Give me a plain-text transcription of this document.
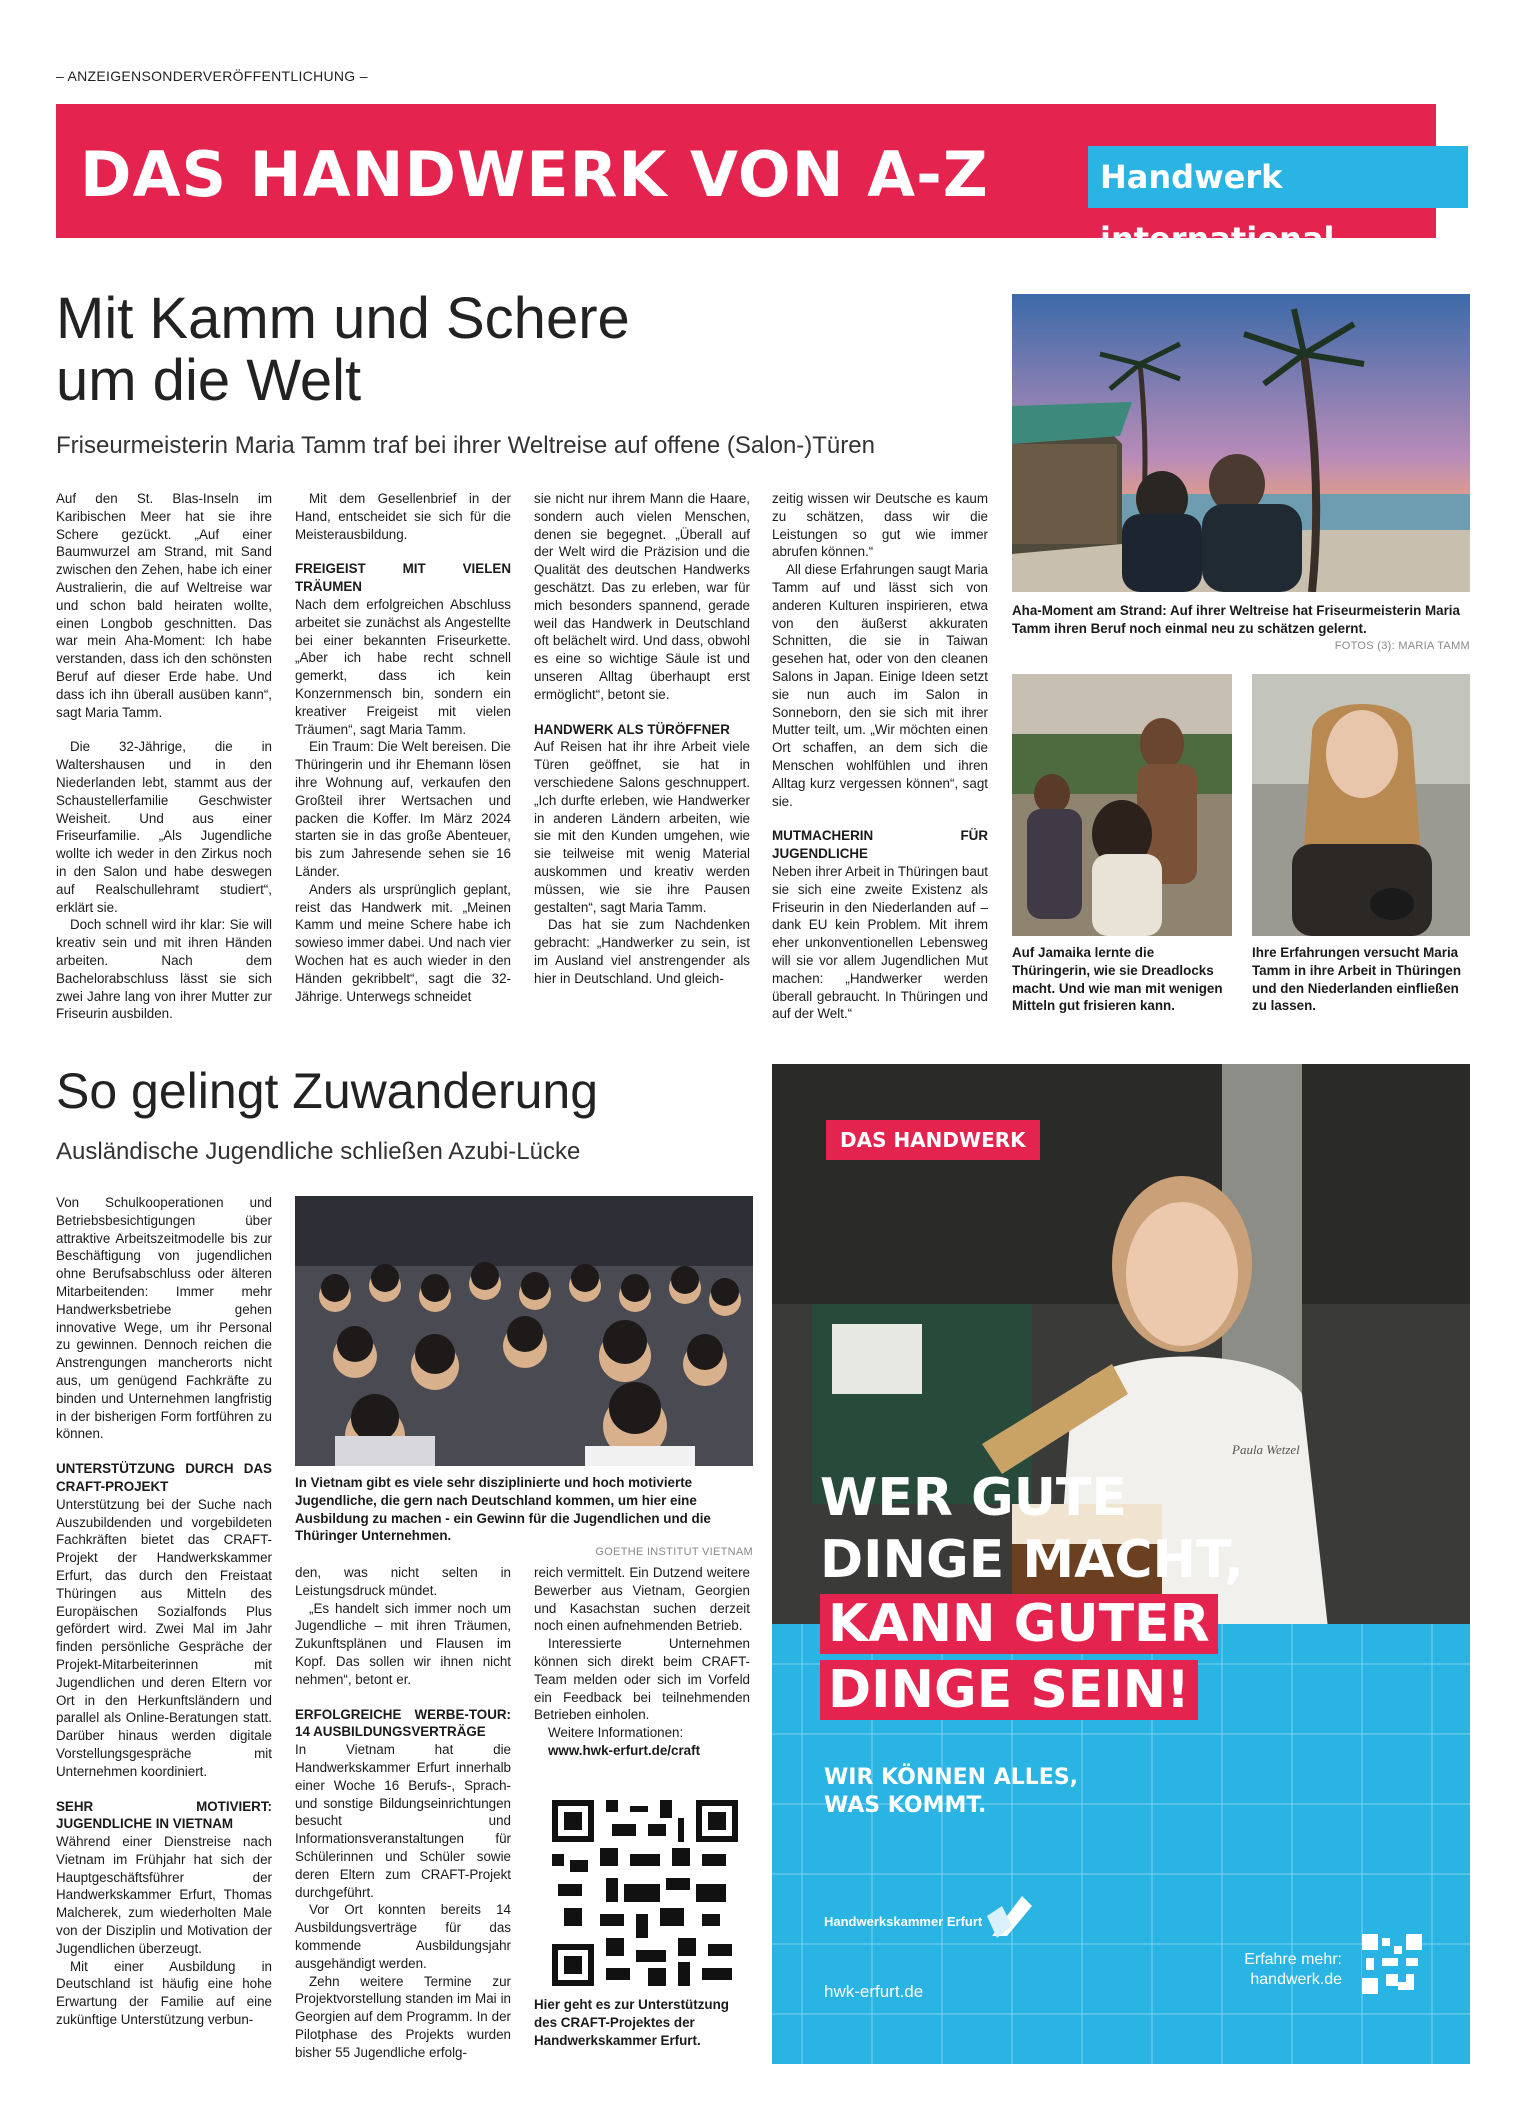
– ANZEIGENSONDERVERÖFFENTLICHUNG –
DAS HANDWERK VON A-Z	Handwerk international
Mit Kamm und Schere
um die Welt
Friseurmeisterin Maria Tamm traf bei ihrer Weltreise auf offene (Salon-)Türen

Auf den St. Blas-Inseln im Karibischen Meer hat sie ihre Schere gezückt. „Auf einer Baumwurzel am Strand, mit Sand zwischen den Zehen, habe ich einer Australierin, die auf Weltreise war und schon bald heiraten wollte, einen Longbob geschnitten. Das war mein Aha-Moment: Ich habe verstanden, dass ich den schönsten Beruf auf dieser Erde habe. Und dass ich ihn überall ausüben kann“, sagt Maria Tamm.

Die 32-Jährige, die in Waltershausen und in den Niederlanden lebt, stammt aus der Schaustellerfamilie Geschwister Weisheit. Und aus einer Friseurfamilie. „Als Jugendliche wollte ich weder in den Zirkus noch in den Salon und habe deswegen auf Realschullehramt studiert“, erklärt sie.

Doch schnell wird ihr klar: Sie will kreativ sein und mit ihren Händen arbeiten. Nach dem Bachelorabschluss lässt sie sich zwei Jahre lang von ihrer Mutter zur Friseurin ausbilden.

Mit dem Gesellenbrief in der Hand, entscheidet sie sich für die Meisterausbildung.

FREIGEIST MIT VIELEN TRÄUMEN

Nach dem erfolgreichen Abschluss arbeitet sie zunächst als Angestellte bei einer bekannten Friseurkette. „Aber ich habe recht schnell gemerkt, dass ich kein Konzernmensch bin, sondern ein kreativer Freigeist mit vielen Träumen“, sagt Maria Tamm.

Ein Traum: Die Welt bereisen. Die Thüringerin und ihr Ehemann lösen ihre Wohnung auf, verkaufen den Großteil ihrer Wertsachen und packen die Koffer. Im März 2024 starten sie in das große Abenteuer, bis zum Jahresende sehen sie 16 Länder.

Anders als ursprünglich geplant, reist das Handwerk mit. „Meinen Kamm und meine Schere habe ich sowieso immer dabei. Und nach vier Wochen hat es auch wieder in den Händen gekribbelt“, sagt die 32-Jährige. Unterwegs schneidet

sie nicht nur ihrem Mann die Haare, sondern auch vielen Menschen, denen sie begegnet. „Überall auf der Welt wird die Präzision und die Qualität des deutschen Handwerks geschätzt. Das zu erleben, war für mich besonders spannend, gerade weil das Handwerk in Deutschland oft belächelt wird. Und dass, obwohl es eine so wichtige Säule ist und unseren Alltag überhaupt erst ermöglicht“, betont sie.

HANDWERK ALS TÜRÖFFNER

Auf Reisen hat ihr ihre Arbeit viele Türen geöffnet, sie hat in verschiedene Salons geschnuppert. „Ich durfte erleben, wie Handwerker in anderen Ländern arbeiten, wie sie mit den Kunden umgehen, wie sie teilweise mit wenig Material auskommen und kreativ werden müssen, wie sie ihre Pausen gestalten“, sagt Maria Tamm.

Das hat sie zum Nachdenken gebracht: „Handwerker zu sein, ist im Ausland viel anstrengender als hier in Deutschland. Und gleich-

zeitig wissen wir Deutsche es kaum zu schätzen, dass wir die Leistungen so gut wie immer abrufen können.“

All diese Erfahrungen saugt Maria Tamm auf und lässt sich von anderen Kulturen inspirieren, etwa von den äußerst akkuraten Schnitten, die sie in Taiwan gesehen hat, oder von den cleanen Salons in Japan. Einige Ideen setzt sie nun auch im Salon in Sonneborn, den sie sich mit ihrer Mutter teilt, um. „Wir möchten einen Ort schaffen, an dem sich die Menschen wohlfühlen und ihren Alltag kurz vergessen können“, sagt sie.

MUTMACHERIN FÜR JUGENDLICHE

Neben ihrer Arbeit in Thüringen baut sie sich eine zweite Existenz als Friseurin in den Niederlanden auf – dank EU kein Problem. Mit ihrem eher unkonventionellen Lebensweg will sie vor allem Jugendlichen Mut machen: „Handwerker werden überall gebraucht. In Thüringen und auf der Welt.“

Aha-Moment am Strand: Auf ihrer Weltreise hat Friseurmeisterin Maria Tamm ihren Beruf noch einmal neu zu schätzen gelernt.
FOTOS (3): MARIA TAMM
Auf Jamaika lernte die Thüringerin, wie sie Dreadlocks macht. Und wie man mit wenigen Mitteln gut frisieren kann.
Ihre Erfahrungen versucht Maria Tamm in ihre Arbeit in Thüringen und den Niederlanden einfließen zu lassen.
So gelingt Zuwanderung
Ausländische Jugendliche schließen Azubi-Lücke

Von Schulkooperationen und Betriebsbesichtigungen über attraktive Arbeitszeitmodelle bis zur Beschäftigung von jugendlichen ohne Berufsabschluss oder älteren Mitarbeitenden: Immer mehr Handwerksbetriebe gehen innovative Wege, um ihr Personal zu gewinnen. Dennoch reichen die Anstrengungen mancherorts nicht aus, um genügend Fachkräfte zu binden und Unternehmen langfristig in der bisherigen Form fortführen zu können.

UNTERSTÜTZUNG DURCH DAS CRAFT-PROJEKT

Unterstützung bei der Suche nach Auszubildenden und vorgebildeten Fachkräften bietet das CRAFT-Projekt der Handwerkskammer Erfurt, das durch den Freistaat Thüringen aus Mitteln des Europäischen Sozialfonds Plus gefördert wird. Zwei Mal im Jahr finden persönliche Gespräche der Projekt-Mitarbeiterinnen mit Jugendlichen und deren Eltern vor Ort in den Herkunftsländern und parallel als Online-Beratungen statt. Darüber hinaus werden digitale Vorstellungsgespräche mit Unternehmen koordiniert.

SEHR MOTIVIERT: JUGENDLICHE IN VIETNAM

Während einer Dienstreise nach Vietnam im Frühjahr hat sich der Hauptgeschäftsführer der Handwerkskammer Erfurt, Thomas Malcherek, zum wiederholten Male von der Disziplin und Motivation der Jugendlichen überzeugt.

Mit einer Ausbildung in Deutschland ist häufig eine hohe Erwartung der Familie auf eine zukünftige Unterstützung verbun-

In Vietnam gibt es viele sehr disziplinierte und hoch motivierte Jugendliche, die gern nach Deutschland kommen, um hier eine Ausbildung zu machen - ein Gewinn für die Jugendlichen und die Thüringer Unternehmen.
GOETHE INSTITUT VIETNAM

den, was nicht selten in Leistungsdruck mündet.

„Es handelt sich immer noch um Jugendliche – mit ihren Träumen, Zukunftsplänen und Flausen im Kopf. Das sollen wir ihnen nicht nehmen“, betont er.

ERFOLGREICHE WERBE-TOUR: 14 AUSBILDUNGSVERTRÄGE

In Vietnam hat die Handwerkskammer Erfurt innerhalb einer Woche 16 Berufs-, Sprach- und sonstige Bildungseinrichtungen besucht und Informationsveranstaltungen für Schülerinnen und Schüler sowie deren Eltern zum CRAFT-Projekt durchgeführt.

Vor Ort konnten bereits 14 Ausbildungsverträge für das kommende Ausbildungsjahr ausgehändigt werden.

Zehn weitere Termine zur Projektvorstellung standen im Mai in Georgien auf dem Programm. In der Pilotphase des Projekts wurden bisher 55 Jugendliche erfolg-

reich vermittelt. Ein Dutzend weitere Bewerber aus Vietnam, Georgien und Kasachstan suchen derzeit noch einen aufnehmenden Betrieb.

Interessierte Unternehmen können sich direkt beim CRAFT-Team melden oder sich im Vorfeld ein Feedback bei teilnehmenden Betrieben einholen.

Weitere Informationen:

www.hwk-erfurt.de/craft

Hier geht es zur Unterstützung des CRAFT-Projektes der Handwerkskammer Erfurt.
Paula Wetzel
DAS HANDWERK
WER GUTE
DINGE MACHT,
KANN GUTER
DINGE SEIN!
WIR KÖNNEN ALLES,
WAS KOMMT.
Handwerkskammer Erfurt
hwk-erfurt.de
Erfahre mehr:
handwerk.de
